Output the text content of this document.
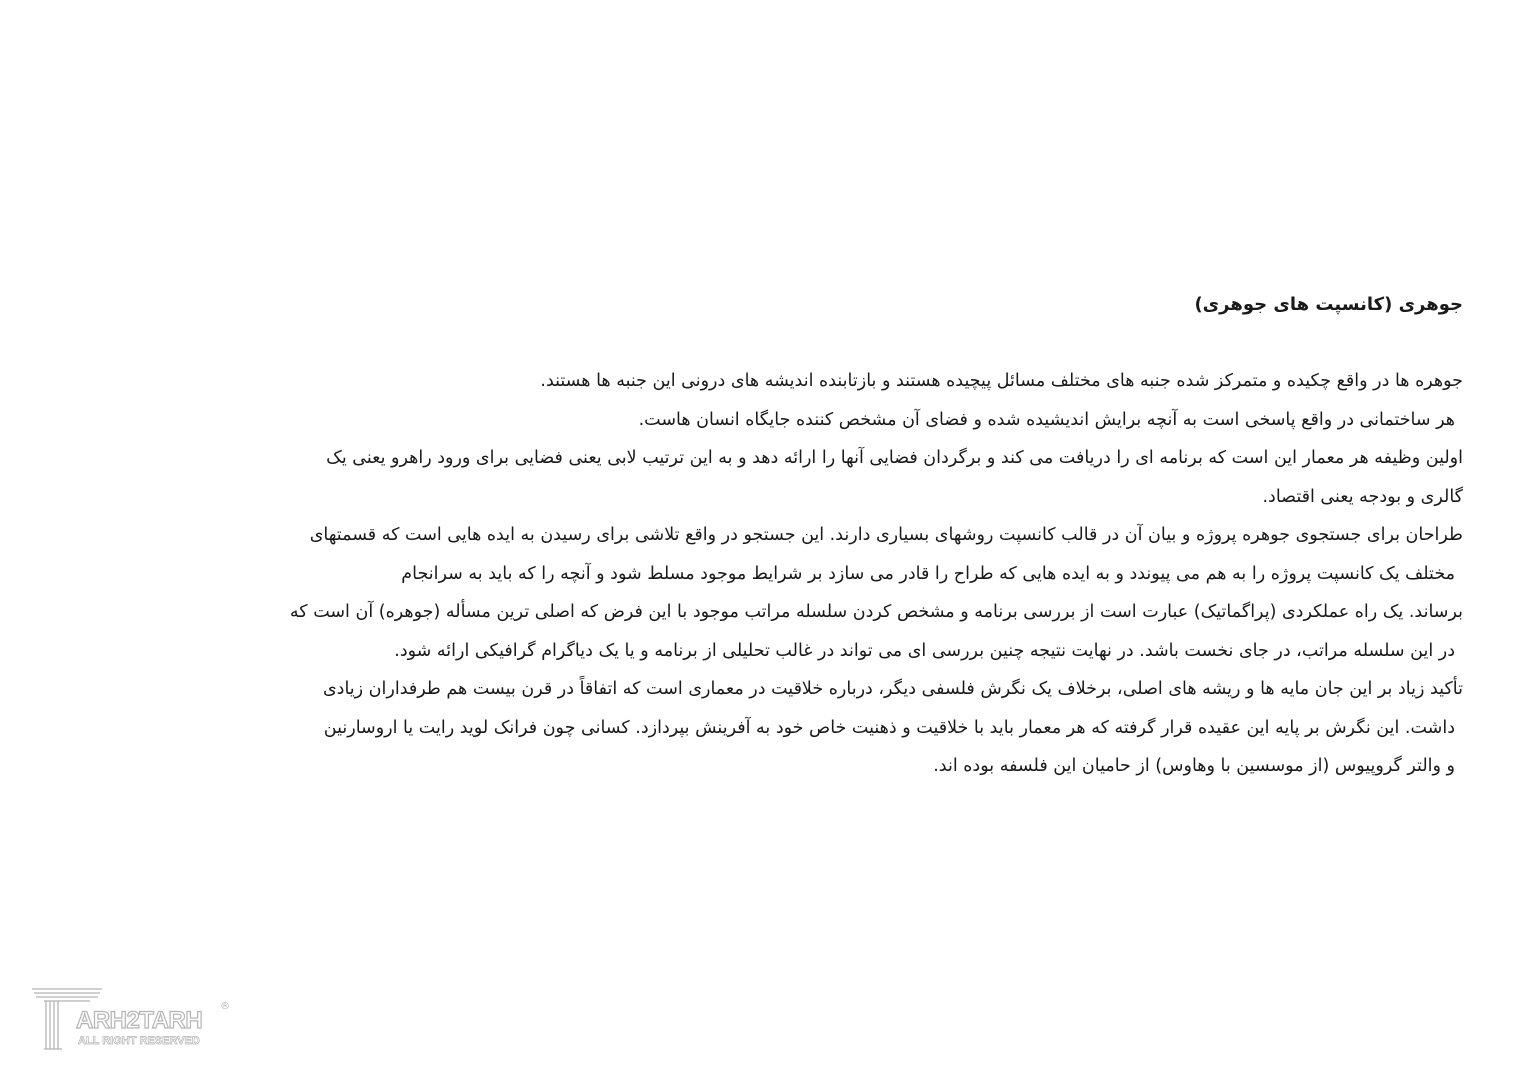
جوهری (کانسپت های جوهری)

جوهره ها در واقع چکیده و متمرکز شده جنبه های مختلف مسائل پیچیده هستند و بازتابنده اندیشه های درونی این جنبه ها هستند.

هر ساختمانی در واقع پاسخی است به آنچه برایش اندیشیده شده و فضای آن مشخص کننده جایگاه انسان هاست.

اولین وظیفه هر معمار این است که برنامه ای را دریافت می کند و برگردان فضایی آنها را ارائه دهد و به این ترتیب لابی یعنی فضایی برای ورود راهرو یعنی یک

گالری و بودجه یعنی اقتصاد.

طراحان برای جستجوی جوهره پروژه و بیان آن در قالب کانسپت روشهای بسیاری دارند. این جستجو در واقع تلاشی برای رسیدن به ایده هایی است که قسمتهای

مختلف یک کانسپت پروژه را به هم می پیوندد و به ایده هایی که طراح را قادر می سازد بر شرایط موجود مسلط شود و آنچه را که باید به سرانجام

برساند. یک راه عملکردی (پراگماتیک) عبارت است از بررسی برنامه و مشخص کردن سلسله مراتب موجود با این فرض که اصلی ترین مسأله (جوهره) آن است که

در این سلسله مراتب، در جای نخست باشد. در نهایت نتیجه چنین بررسی ای می تواند در غالب تحلیلی از برنامه و یا یک دیاگرام گرافیکی ارائه شود.

تأکید زیاد بر این جان مایه ها و ریشه های اصلی، برخلاف یک نگرش فلسفی دیگر، درباره خلاقیت در معماری است که اتفاقاً در قرن بیست هم طرفداران زیادی

داشت. این نگرش بر پایه این عقیده قرار گرفته که هر معمار باید با خلاقیت و ذهنیت خاص خود به آفرینش بپردازد. کسانی چون فرانک لوید رایت یا اروسارنین

و والتر گروپیوس (از موسسین با وهاوس) از حامیان این فلسفه بوده اند.

ARH2TARH
ALL RIGHT RESERVED
®
